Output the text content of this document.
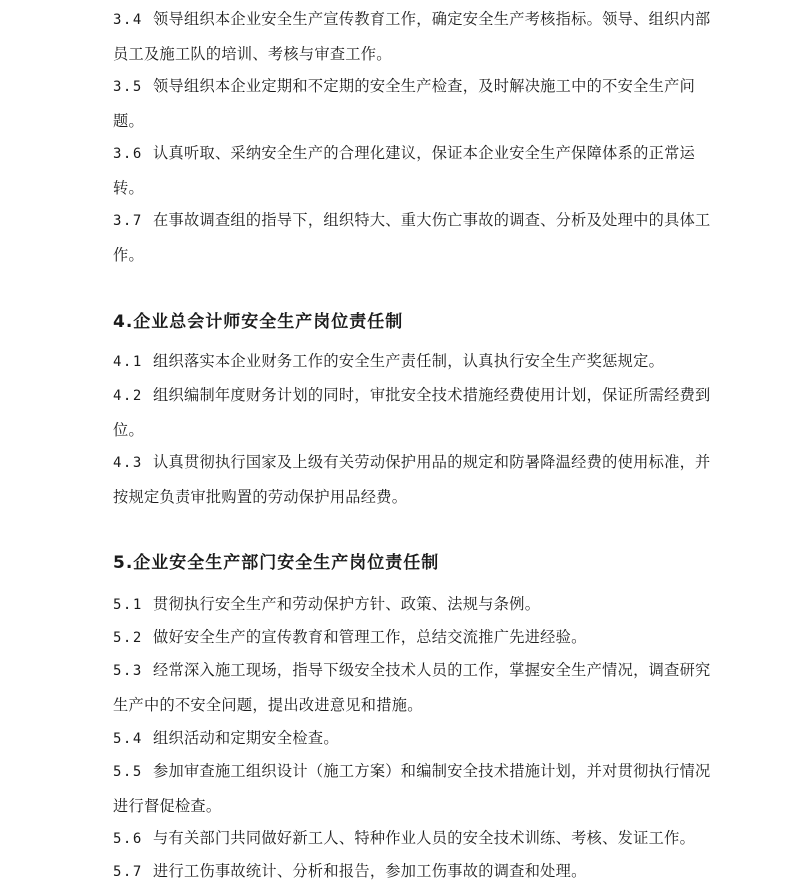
3.4 领导组织本企业安全生产宣传教育工作，确定安全生产考核指标。领导、组织内部员工及施工队的培训、考核与审查工作。

3.5 领导组织本企业定期和不定期的安全生产检查，及时解决施工中的不安全生产问题。

3.6 认真听取、采纳安全生产的合理化建议，保证本企业安全生产保障体系的正常运转。

3.7 在事故调查组的指导下，组织特大、重大伤亡事故的调查、分析及处理中的具体工作。

4.企业总会计师安全生产岗位责任制

4.1 组织落实本企业财务工作的安全生产责任制，认真执行安全生产奖惩规定。

4.2 组织编制年度财务计划的同时，审批安全技术措施经费使用计划，保证所需经费到位。

4.3 认真贯彻执行国家及上级有关劳动保护用品的规定和防暑降温经费的使用标准，并按规定负责审批购置的劳动保护用品经费。

5.企业安全生产部门安全生产岗位责任制

5.1 贯彻执行安全生产和劳动保护方针、政策、法规与条例。

5.2 做好安全生产的宣传教育和管理工作，总结交流推广先进经验。

5.3 经常深入施工现场，指导下级安全技术人员的工作，掌握安全生产情况，调查研究生产中的不安全问题，提出改进意见和措施。

5.4 组织活动和定期安全检查。

5.5 参加审查施工组织设计（施工方案）和编制安全技术措施计划，并对贯彻执行情况进行督促检查。

5.6 与有关部门共同做好新工人、特种作业人员的安全技术训练、考核、发证工作。

5.7 进行工伤事故统计、分析和报告，参加工伤事故的调查和处理。
